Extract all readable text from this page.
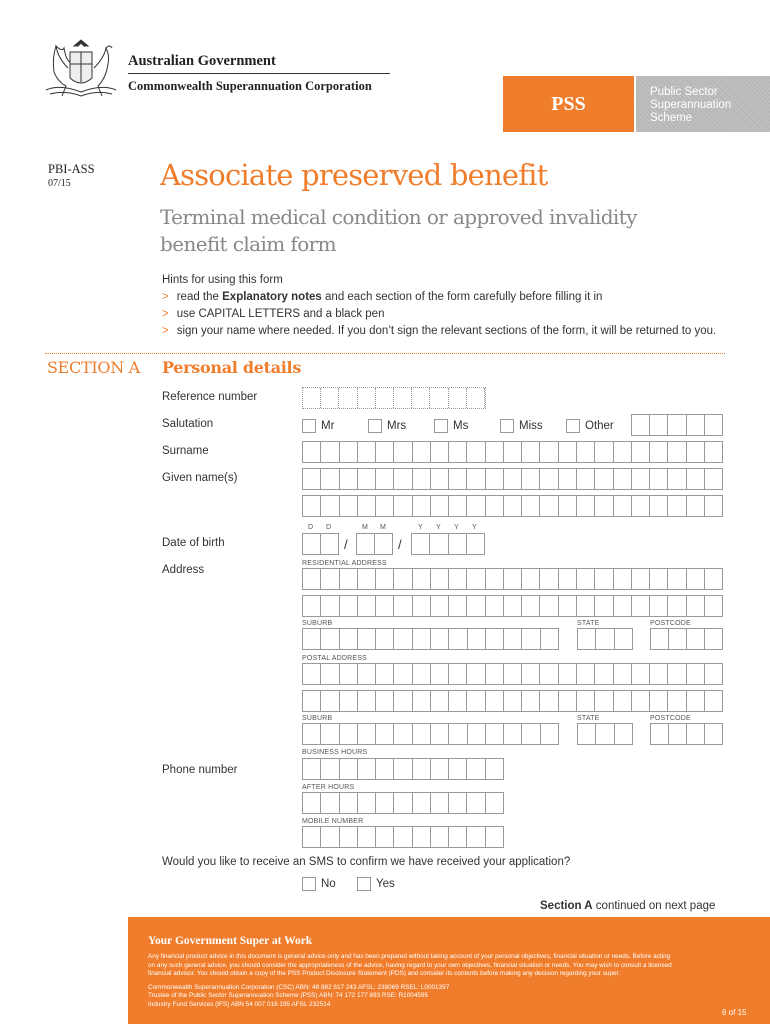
Australian Government
Commonwealth Superannuation Corporation
PSS
Public Sector
Superannuation
Scheme
PBI-ASS
07/15	Associate preserved benefit
Terminal medical condition or approved invalidity
benefit claim form
Hints for using this form
> read the Explanatory notes and each section of the form carefully before filling it in
> use CAPITAL LETTERS and a black pen
> sign your name where needed. If you don’t sign the relevant sections of the form, it will be returned to you.
SECTION A Personal details
Reference number
Salutation	Mr	Mrs	Ms	Miss	Other
Surname
Given name(s)
D D	M M	Y Y Y Y
Date of birth	/	/
Address
RESIDENTIAL ADDRESS
SUBURB	STATE	POSTCODE
POSTAL ADDRESS
SUBURB	STATE	POSTCODE
BUSINESS HOURS
Phone number
AFTER HOURS
MOBILE NUMBER
Would you like to receive an SMS to confirm we have received your application?
No	Yes
Section A continued on next page
Your Government Super at Work
Any financial product advice in this document is general advice only and has been prepared without taking account of your personal objectives, financial situation or needs. Before acting
on any such general advice, you should consider the appropriateness of the advice, having regard to your own objectives, financial situation or needs. You may wish to consult a licensed
financial advisor. You should obtain a copy of the PSS Product Disclosure Statement (PDS) and consider its contents before making any decision regarding your super.
Commonwealth Superannuation Corporation (CSC) ABN: 48 882 817 243 AFSL: 238069 RSEL: L0001397
Trustee of the Public Sector Superannuation Scheme (PSS) ABN: 74 172 177 893 RSE: R1004595
Industry Fund Services (IFS) ABN 54 007 016 195 AFSL 232514
6 of 15
